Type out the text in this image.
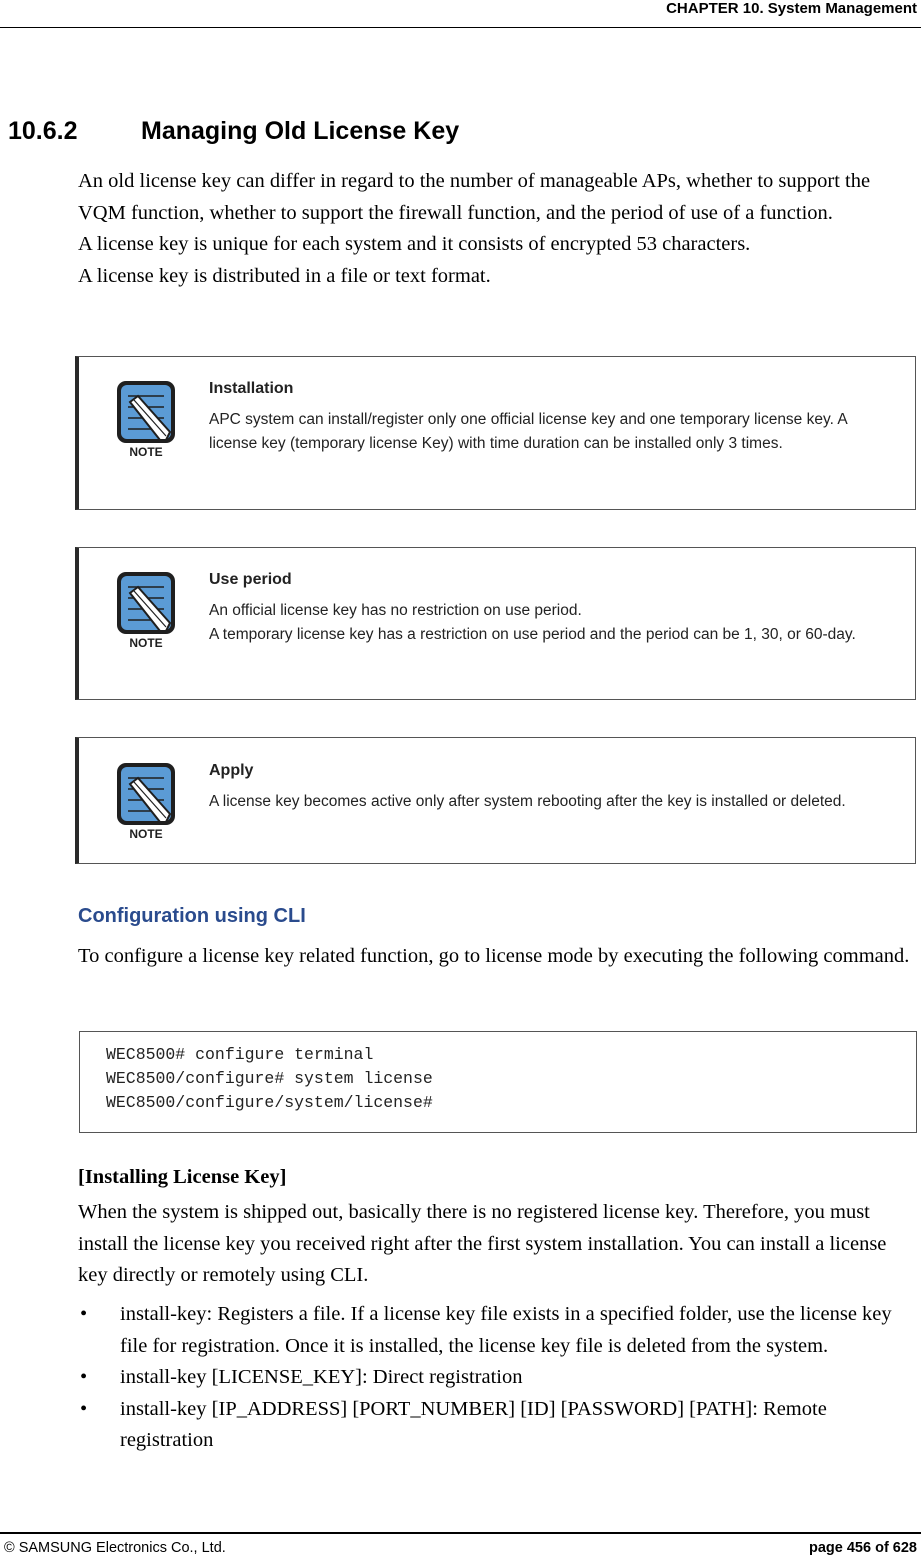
CHAPTER 10. System Management
10.6.2	Managing Old License Key

An old license key can differ in regard to the number of manageable APs, whether to support the VQM function, whether to support the firewall function, and the period of use of a function.

A license key is unique for each system and it consists of encrypted 53 characters.

A license key is distributed in a file or text format.

NOTE
Installation
APC system can install/register only one official license key and one temporary license key. A license key (temporary license Key) with time duration can be installed only 3 times.
NOTE
Use period
An official license key has no restriction on use period.
A temporary license key has a restriction on use period and the period can be 1, 30, or 60-day.
NOTE
Apply
A license key becomes active only after system rebooting after the key is installed or deleted.
Configuration using CLI

To configure a license key related function, go to license mode by executing the following command.

WEC8500# configure terminal
WEC8500/configure# system license
WEC8500/configure/system/license#
[Installing License Key]

When the system is shipped out, basically there is no registered license key. Therefore, you must install the license key you received right after the first system installation. You can install a license key directly or remotely using CLI.

• install-key: Registers a file. If a license key file exists in a specified folder, use the license key file for registration. Once it is installed, the license key file is deleted from the system.
• install-key [LICENSE_KEY]: Direct registration
• install-key [IP_ADDRESS] [PORT_NUMBER] [ID] [PASSWORD] [PATH]: Remote registration
© SAMSUNG Electronics Co., Ltd.	page 456 of 628
